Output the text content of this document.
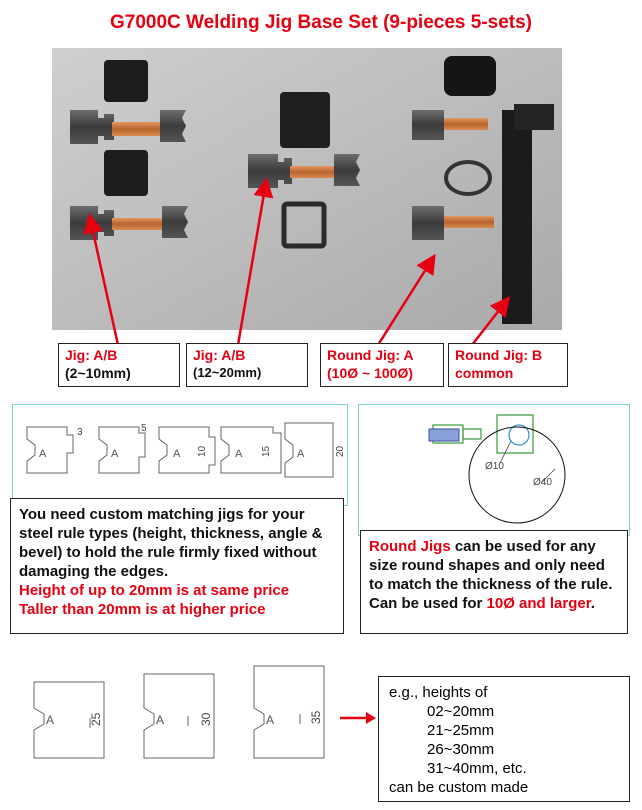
G7000C Welding Jig Base Set (9-pieces 5-sets)
Jig: A/B
(2~10mm)
Jig: A/B
(12~20mm)
Round Jig: A
(10Ø ~ 100Ø)
Round Jig: B
common
A	A	A	A	A
3	5
10	15	20
Ø10
Ø40
You need custom matching jigs for your steel rule types (height, thickness, angle & bevel) to hold the rule firmly fixed without damaging the edges.
Height of up to 20mm is at same price
Taller than 20mm is at higher price
Round Jigs can be used for any size round shapes and only need to match the thickness of the rule. Can be used for 10Ø and larger.
A	A	A
25	30	35
e.g., heights of
02~20mm
21~25mm
26~30mm
31~40mm, etc.
can be custom made
